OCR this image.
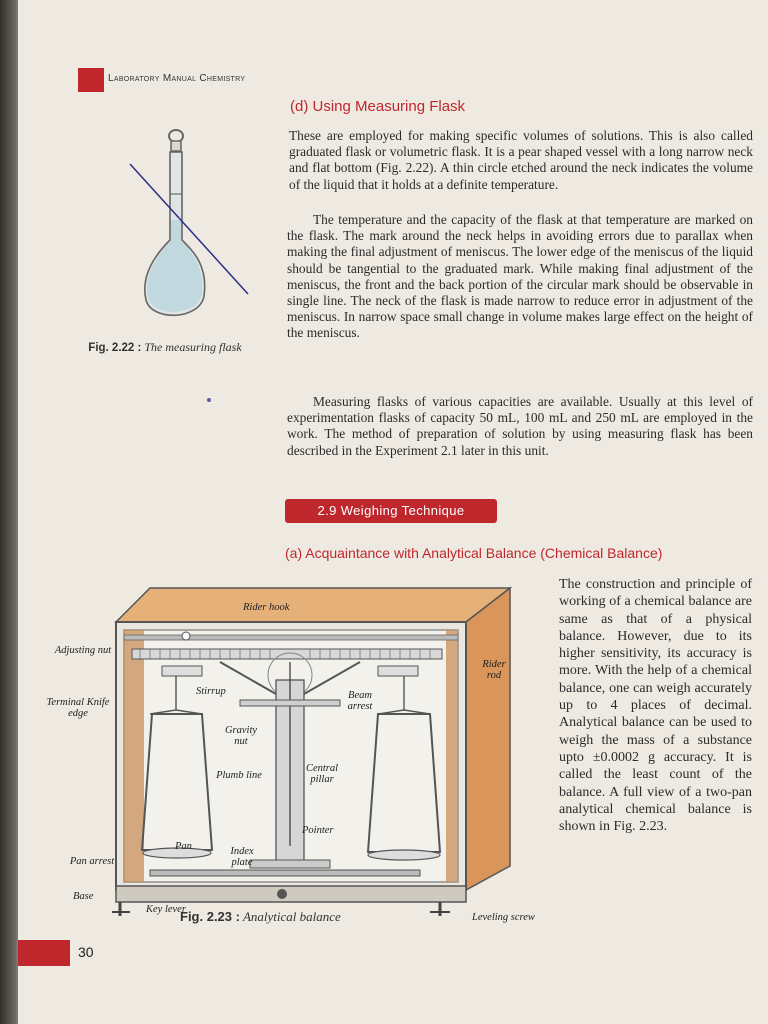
Laboratory Manual Chemistry
(d) Using Measuring Flask
Fig. 2.22 : The measuring flask
These are employed for making specific volumes of solutions. This is also called graduated flask or volumetric flask. It is a pear shaped vessel with a long narrow neck and flat bottom (Fig. 2.22). A thin circle etched around the neck indicates the volume of the liquid that it holds at a definite temperature.
The temperature and the capacity of the flask at that temperature are marked on the flask. The mark around the neck helps in avoiding errors due to parallax when making the final adjustment of meniscus. The lower edge of the meniscus of the liquid should be tangential to the graduated mark. While making final adjustment of the meniscus, the front and the back portion of the circular mark should be observable in single line. The neck of the flask is made narrow to reduce error in adjustment of the meniscus. In narrow space small change in volume makes large effect on the height of the meniscus.
Measuring flasks of various capacities are available. Usually at this level of experimentation flasks of capacity 50 mL, 100 mL and 250 mL are employed in the work. The method of preparation of solution by using measuring flask has been described in the Experiment 2.1 later in this unit.
2.9 Weighing Technique
(a) Acquaintance with Analytical Balance (Chemical Balance)
The construction and principle of working of a chemical balance are same as that of a physical balance. However, due to its higher sensitivity, its accuracy is more. With the help of a chemical balance, one can weigh accurately up to 4 places of decimal. Analytical balance can be used to weigh the mass of a substance upto ±0.0002 g accuracy. It is called the least count of the balance. A full view of a two-pan analytical chemical balance is shown in Fig. 2.23.
Rider hook
Adjusting nut
Rider rod
Terminal Knife edge
Stirrup	Beam arrest
Gravity nut
Plumb line
Central pillar
Pointer
Pan	Index plate
Pan arrest
Base
Key lever
Leveling screw
Fig. 2.23 : Analytical balance
30
